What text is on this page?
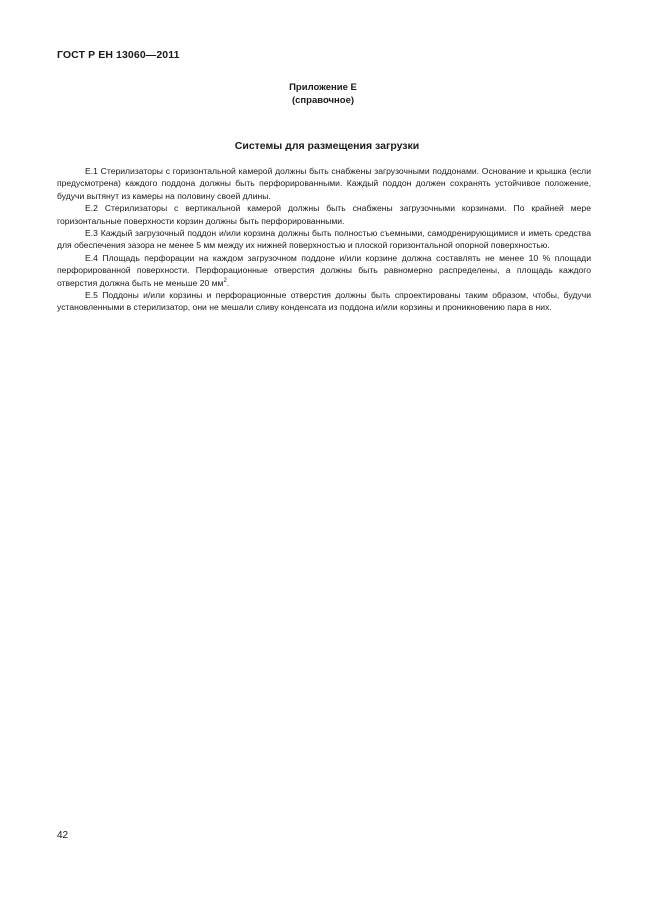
ГОСТ Р ЕН 13060—2011
Приложение Е
(справочное)
Системы для размещения загрузки

Е.1 Стерилизаторы с горизонтальной камерой должны быть снабжены загрузочными поддонами. Основание и крышка (если предусмотрена) каждого поддона должны быть перфорированными. Каждый поддон должен сохранять устойчивое положение, будучи вытянут из камеры на половину своей длины.

Е.2 Стерилизаторы с вертикальной камерой должны быть снабжены загрузочными корзинами. По крайней мере горизонтальные поверхности корзин должны быть перфорированными.

Е.3 Каждый загрузочный поддон и/или корзина должны быть полностью съемными, самодренирующимися и иметь средства для обеспечения зазора не менее 5 мм между их нижней поверхностью и плоской горизонтальной опорной поверхностью.

Е.4 Площадь перфорации на каждом загрузочном поддоне и/или корзине должна составлять не менее 10 % площади перфорированной поверхности. Перфорационные отверстия должны быть равномерно распределены, а площадь каждого отверстия должна быть не меньше 20 $мм^2$.

Е.5 Поддоны и/или корзины и перфорационные отверстия должны быть спроектированы таким образом, чтобы, будучи установленными в стерилизатор, они не мешали сливу конденсата из поддона и/или корзины и проникновению пара в них.

42
